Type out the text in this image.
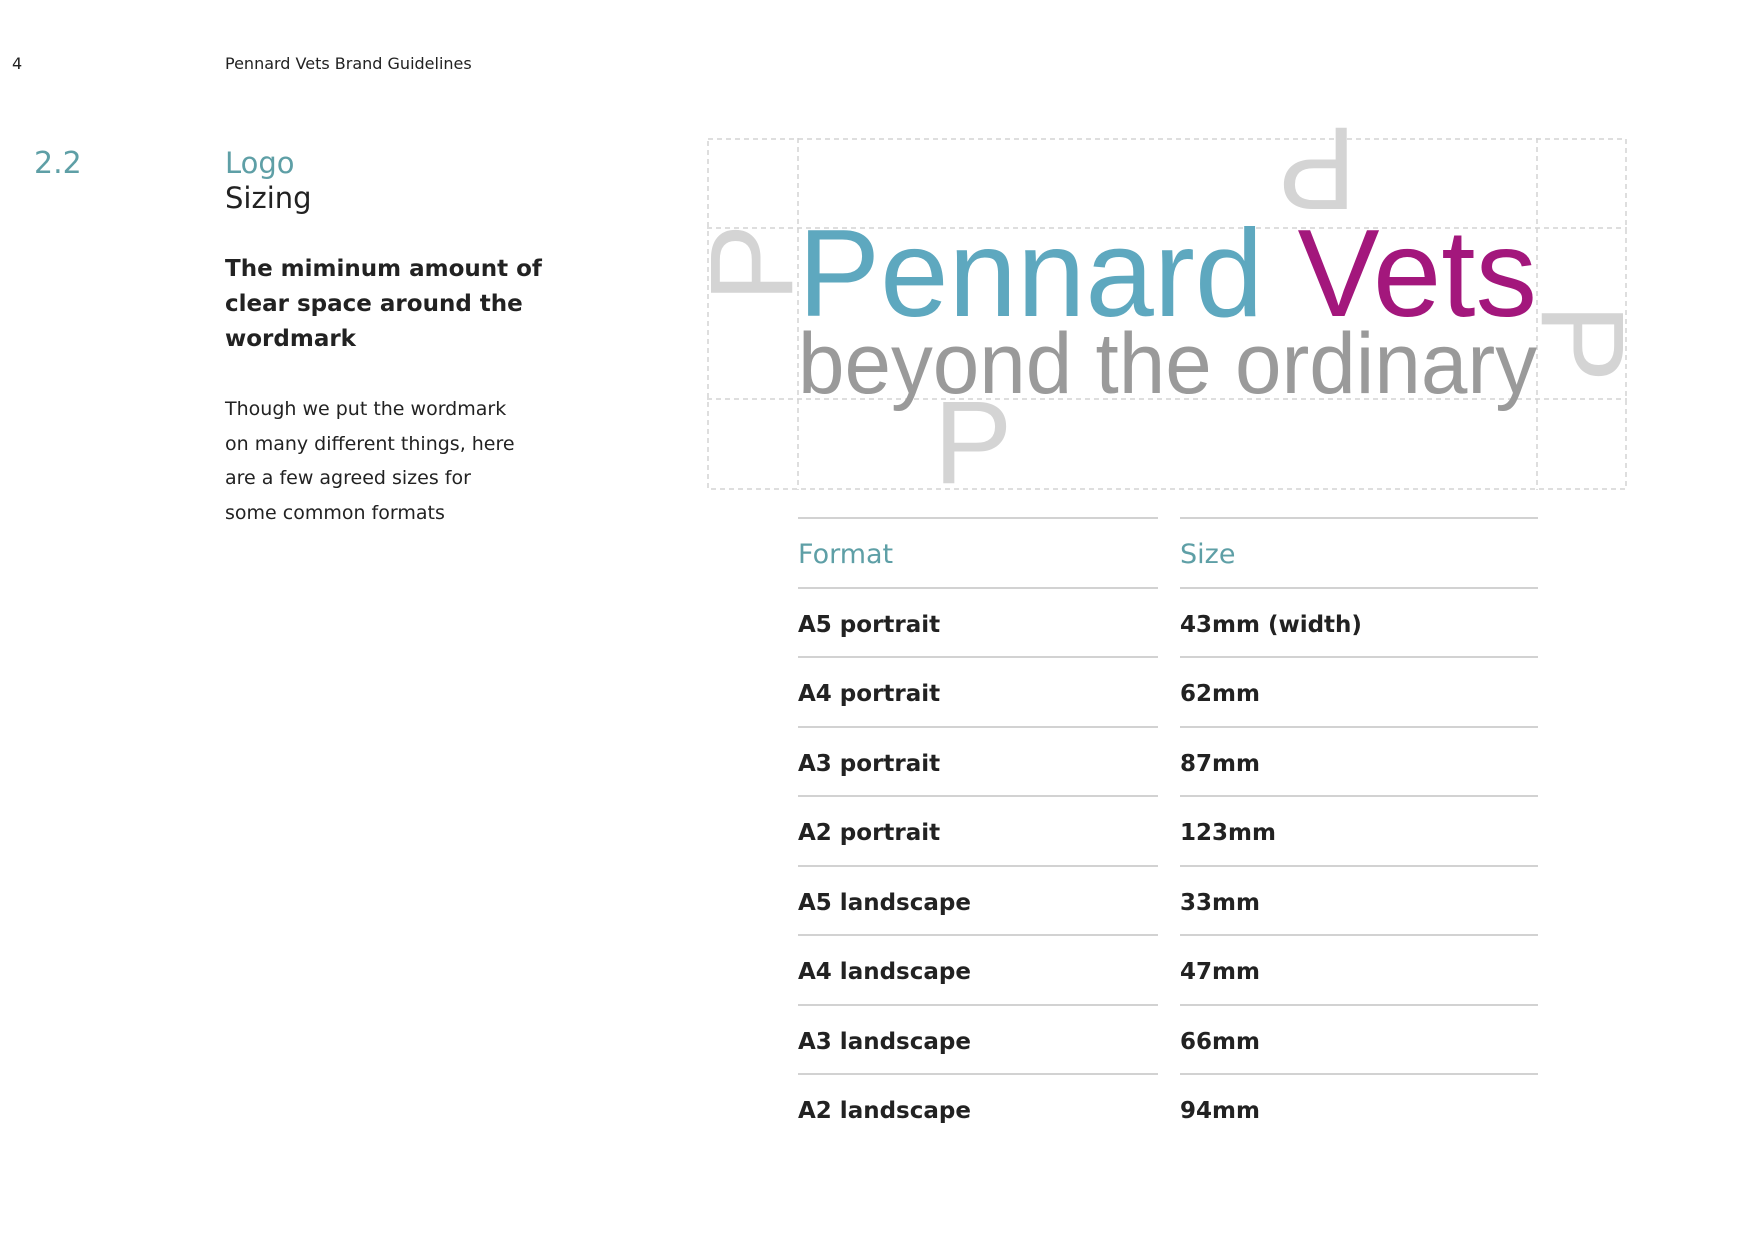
4	Pennard Vets Brand Guidelines
2.2	Logo
Sizing
The miminum amount of clear space around the wordmark
Though we put the wordmark on many different things, here are a few agreed sizes for some common formats
P
P
P
P
Pennard Vets
beyond the ordinary
Format	Size
A5 portrait	43mm (width)
A4 portrait	62mm
A3 portrait	87mm
A2 portrait	123mm
A5 landscape	33mm
A4 landscape	47mm
A3 landscape	66mm
A2 landscape	94mm
